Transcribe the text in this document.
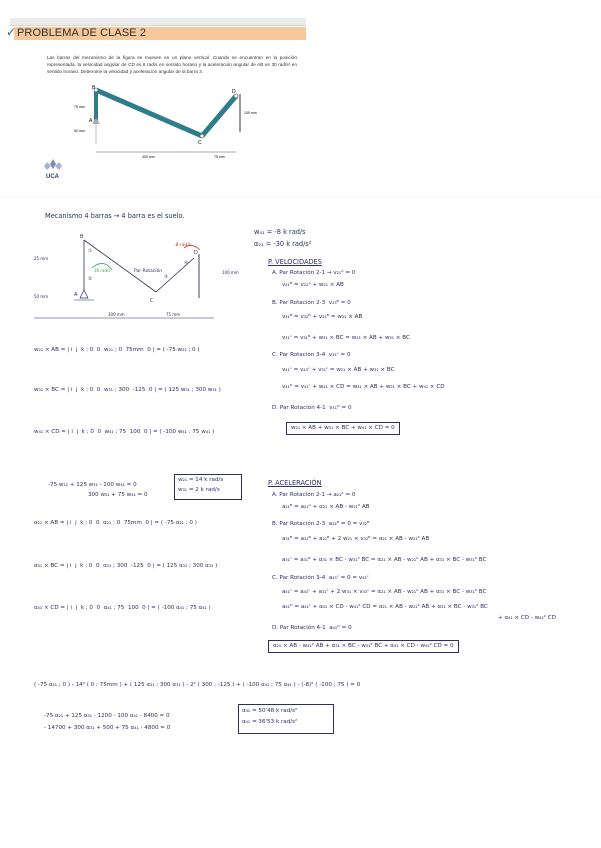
✓ PROBLEMA DE CLASE 2
Las barras del mecanismo de la figura se mueven en un plano vertical. Cuando se encuentran en la posición representada, la velocidad angular de CD es 8 rad/s en sentido horario y la aceleración angular de AB es 30 rad/s² en sentido horario. Determine la velocidad y aceleración angular de la barra 3.
B
A
C
D
75 mm
50 mm
100 mm
300 mm	75 mm
UCA
Mecanismo 4 barras → 4 barra es el suelo.
B
A
C
D
①
②	③
④
30 rad/s
-8 rad/s
Par Rotación
25 mm
50 mm
300 mm	75 mm
100 mm
w₄₁ = -8 k rad/s
α₂₁ = -30 k rad/s²
P. VELOCIDADES
A. Par Rotación 2-1 → v₂₁ᴬ = 0
v₂₁ᴮ = v₂₁ᴬ + w₂₁ × AB
B. Par Rotación 2-3  v₂₃ᴮ = 0
v₃₁ᴮ = v₃₂ᴮ + v₂₁ᴮ = w₂₁ × AB
v₃₁ᶜ = v₃₁ᴮ + w₃₁ × BC = w₂₁ × AB + w₃₁ × BC
C. Par Rotación 3-4  v₃₄ᶜ = 0
v₄₁ᶜ = v₄₃ᶜ + v₃₁ᶜ = w₂₁ × AB + w₃₁ × BC
v₄₁ᴰ = v₄₁ᶜ + w₄₁ × CD = w₂₁ × AB + w₃₁ × BC + w₄₁ × CD
D. Par Rotación 4-1  v₄₁ᴰ = 0
w₂₁ × AB + w₃₁ × BC + w₄₁ × CD = 0
w₂₁ × AB = | i  j  k ; 0  0  w₂₁ ; 0  75mm  0 | = ( -75·w₂₁ ; 0 )
w₃₁ × BC = | i  j  k ; 0  0  w₃₁ ; 300  -125  0 | = ( 125 w₃₁ ; 300 w₃₁ )
w₄₁ × CD = | i  j  k ; 0  0  w₄₁ ; 75  100  0 | = ( -100 w₄₁ ; 75 w₄₁ )
-75·w₂₁ + 125 w₃₁ - 100 w₄₁ = 0
300 w₃₁ + 75 w₄₁ = 0
w₂₁ = 14 k rad/s
w₃₁ = 2 k rad/s
P. ACELERACIÓN
A. Par Rotación 2-1 → a₂₁ᴬ = 0
a₂₁ᴮ = a₂₁ᴬ + α₂₁ × AB - w₂₁² AB
B. Par Rotación 2-3  a₃₂ᴮ = 0 = v₃₂ᴮ
a₃₁ᴮ = a₃₂ᴮ + a₂₁ᴮ + 2 w₂₁ × v₃₂ᴮ = α₂₁ × AB - w₂₁² AB
a₃₁ᶜ = a₃₁ᴮ + α₃₁ × BC - w₃₁² BC = α₂₁ × AB - w₂₁² AB + α₃₁ × BC - w₃₁² BC
C. Par Rotación 3-4  a₄₃ᶜ = 0 = v₄₃ᶜ
a₄₁ᶜ = a₄₃ᶜ + a₃₁ᶜ + 2 w₃₁ × v₄₃ᶜ = α₂₁ × AB - w₂₁² AB + α₃₁ × BC - w₃₁² BC
a₄₁ᴰ = a₄₁ᶜ + α₄₁ × CD - w₄₁² CD = α₂₁ × AB - w₂₁² AB + α₃₁ × BC - w₃₁² BC
+ α₄₁ × CD - w₄₁² CD
D. Par Rotación 4-1  a₄₁ᴰ = 0
α₂₁ × AB - w₂₁² AB + α₃₁ × BC - w₃₁² BC + α₄₁ × CD - w₄₁² CD = 0
α₂₁ × AB = | i  j  k ; 0  0  α₂₁ ; 0  75mm  0 | = ( -75·α₂₁ ; 0 )
α₃₁ × BC = | i  j  k ; 0  0  α₃₁ ; 300  -125  0 | = ( 125 α₃₁ ; 300 α₃₁ )
α₄₁ × CD = | i  j  k ; 0  0  α₄₁ ; 75  100  0 | = ( -100 α₄₁ ; 75 α₄₁ )
( -75·α₂₁ ; 0 ) - 14² ( 0 ; 75mm ) + ( 125 α₃₁ ; 300 α₃₁ ) - 2² ( 300 ; -125 ) + ( -100 α₄₁ ; 75 α₄₁ ) - (-8)² ( -100 ; 75 ) = 0
-75·α₂₁ + 125 α₃₁ - 1200 - 100 α₄₁ - 8400 = 0
- 14700 + 300 α₃₁ + 500 + 75 α₄₁ - 4800 = 0
α₃₁ = 50'48 k rad/s²
α₄₁ = 36'53 k rad/s²
